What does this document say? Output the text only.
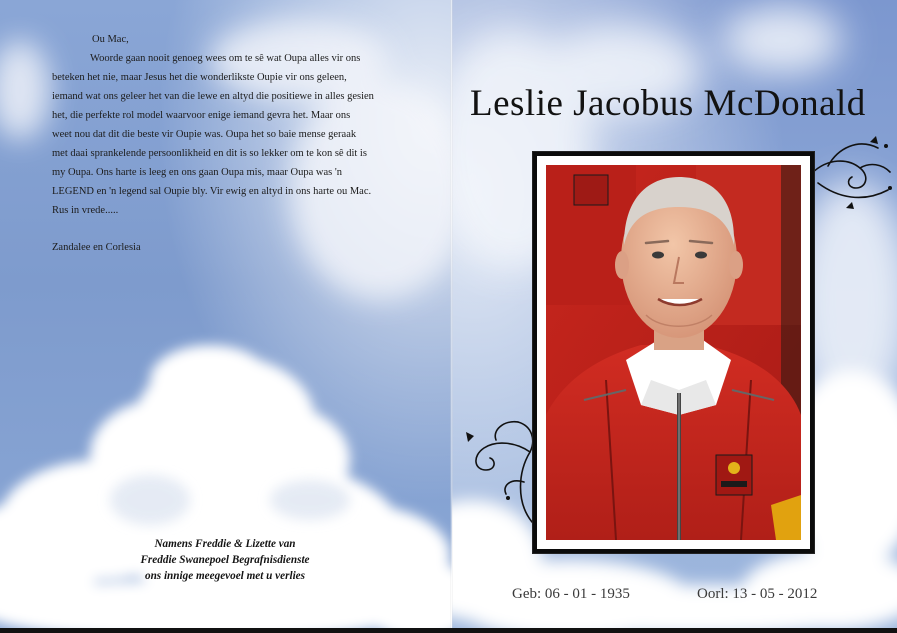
Ou Mac,
Woorde gaan nooit genoeg wees om te sê wat Oupa alles vir ons
beteken het nie, maar Jesus het die wonderlikste Oupie vir ons geleen,
iemand wat ons geleer het van die lewe en altyd die positiewe in alles gesien
het, die perfekte rol model waarvoor enige iemand gevra het. Maar ons
weet nou dat dit die beste vir Oupie was. Oupa het so baie mense geraak
met daai sprankelende persoonlikheid en dit is so lekker om te kon sê dit is
my Oupa. Ons harte is leeg en ons gaan Oupa mis, maar Oupa was 'n
LEGEND en 'n legend sal Oupie bly. Vir ewig en altyd in ons harte ou Mac.
Rus in vrede.....
Zandalee en Corlesia
Namens Freddie & Lizette van
Freddie Swanepoel Begrafnisdienste
ons innige meegevoel met u verlies
Leslie Jacobus McDonald
Geb: 06 - 01 - 1935	Oorl: 13 - 05 - 2012
